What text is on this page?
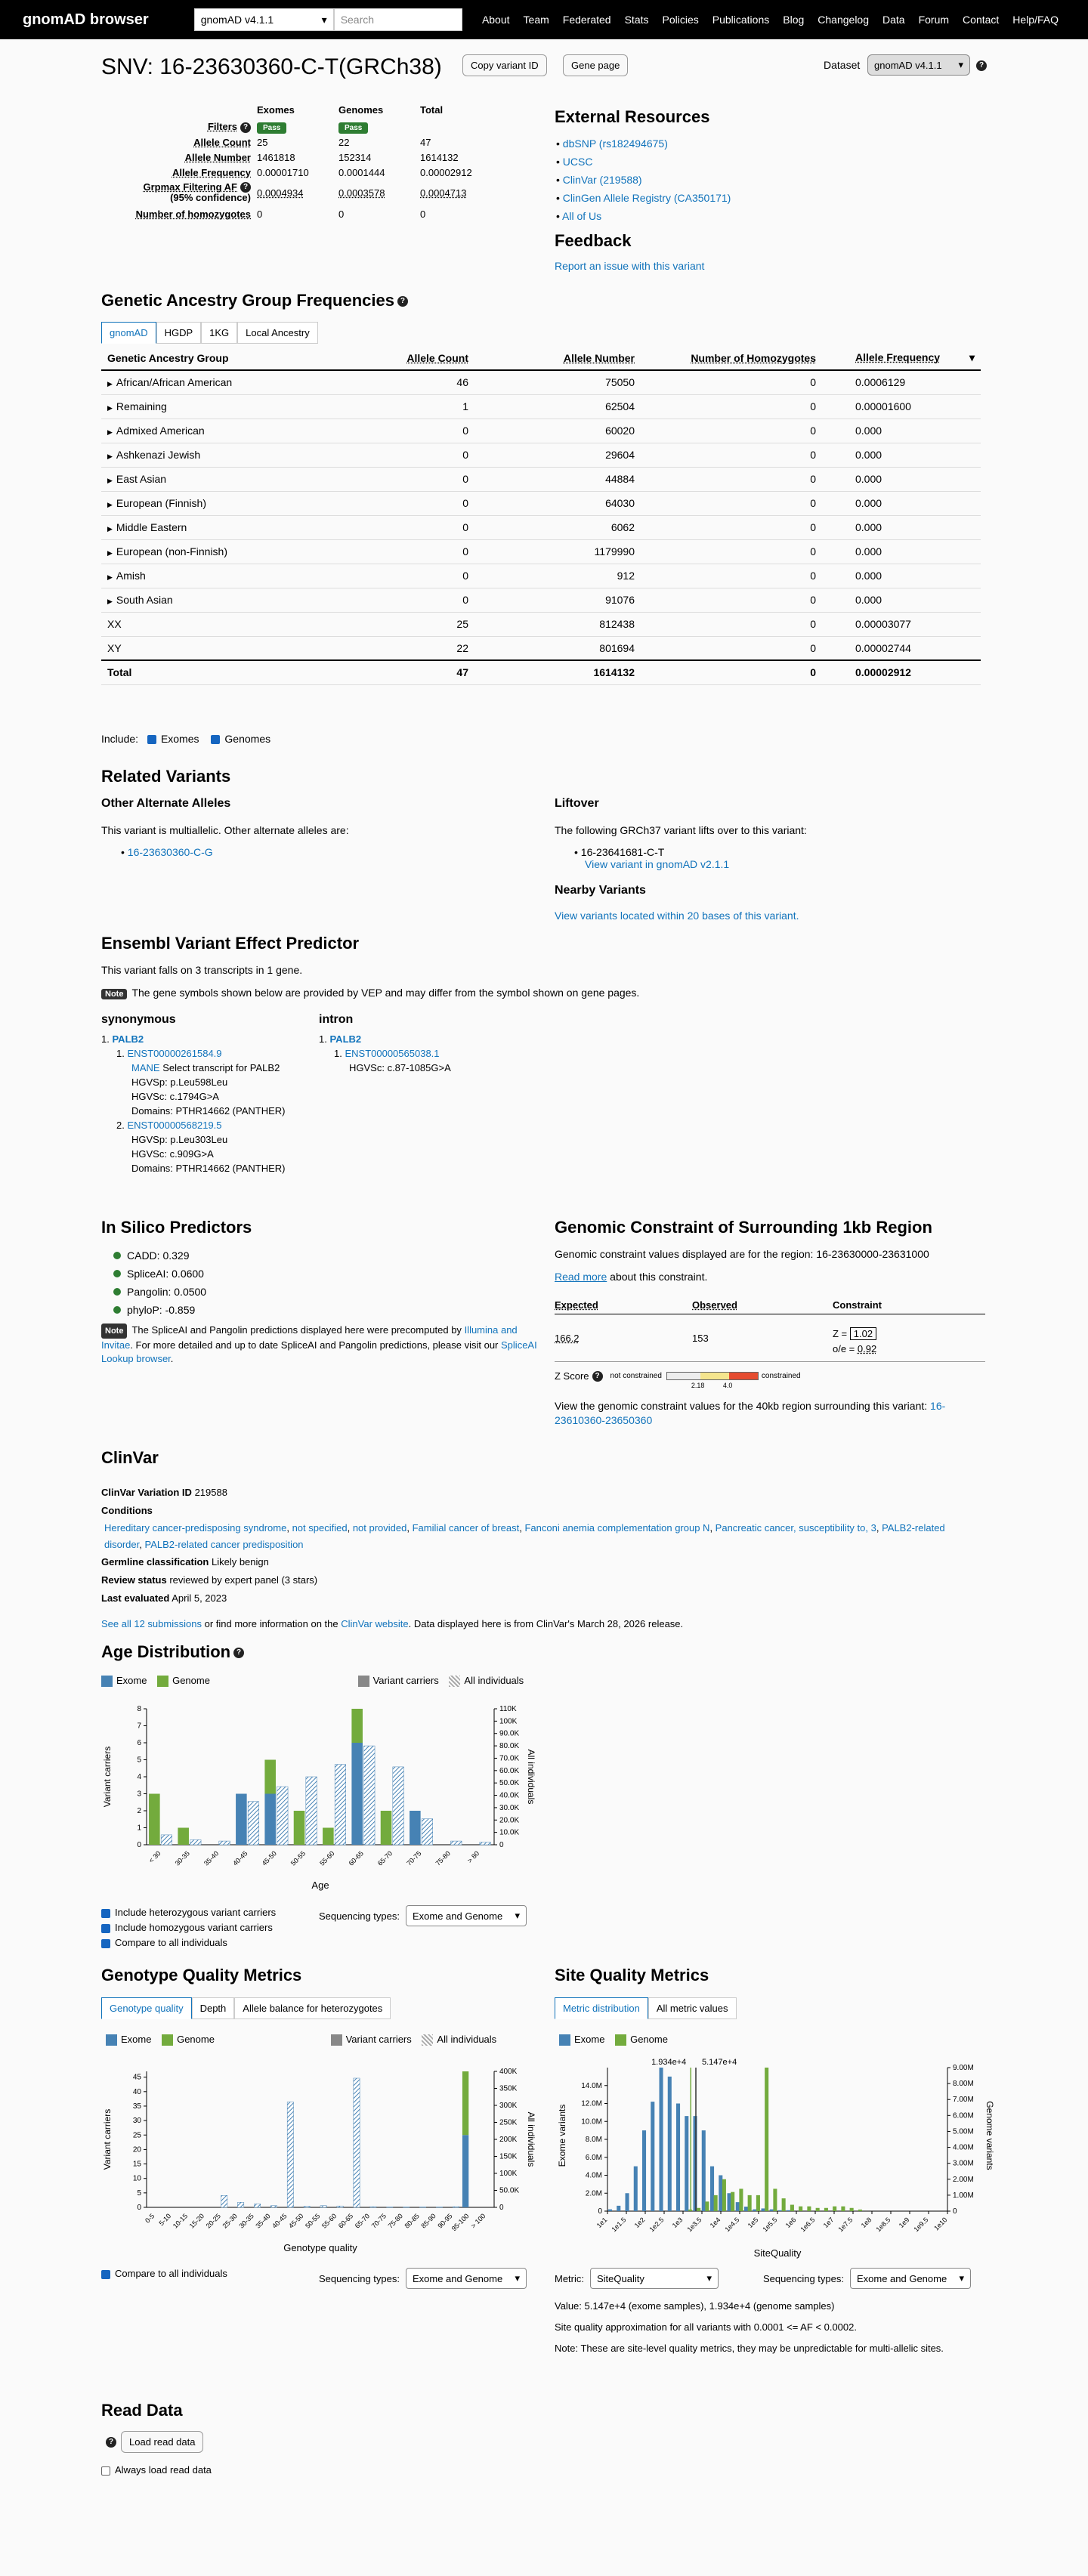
gnomAD browser	gnomAD v4.1.1	▾	Search	About	Team	Federated	Stats	Policies	Publications	Blog	Changelog	Data	Forum	Contact	Help/FAQ
SNV: 16-23630360-C-T(GRCh38)	Copy variant ID	Gene page	Dataset gnomAD v4.1.1 ▾	?
Exomes	Genomes	Total
Filters ?	Pass	Pass
Allele Count 25	22	47
Allele Number 1461818	152314	1614132
Allele Frequency 0.00001710	0.0001444	0.00002912
Grpmax Filtering AF ?
(95% confidence) 0.0004934	0.0003578	0.0004713
Number of homozygotes 0	0	0
External Resources
• dbSNP (rs182494675)
• UCSC
• ClinVar (219588)
• ClinGen Allele Registry (CA350171)
• All of Us
Feedback
Report an issue with this variant
Genetic Ancestry Group Frequencies ?
gnomAD	HGDP	1KG	Local Ancestry
Genetic Ancestry Group	Allele Count	Allele Number	Number of Homozygotes	Allele Frequency ▾

▶ African/African American	46	75050	0	0.0006129
▶ Remaining	1	62504	0	0.00001600
▶ Admixed American	0	60020	0	0.000
▶ Ashkenazi Jewish	0	29604	0	0.000
▶ East Asian	0	44884	0	0.000
▶ European (Finnish)	0	64030	0	0.000
▶ Middle Eastern	0	6062	0	0.000
▶ European (non-Finnish)	0	1179990	0	0.000
▶ Amish	0	912	0	0.000
▶ South Asian	0	91076	0	0.000
XX	25	812438	0	0.00003077
XY	22	801694	0	0.00002744
Total	47	1614132	0	0.00002912
Include: Exomes Genomes
Related Variants
Other Alternate Alleles
This variant is multiallelic. Other alternate alleles are:
• 16-23630360-C-G
Liftover
The following GRCh37 variant lifts over to this variant:
• 16-23641681-C-T
View variant in gnomAD v2.1.1
Nearby Variants
View variants located within 20 bases of this variant.
Ensembl Variant Effect Predictor
This variant falls on 3 transcripts in 1 gene.
Note The gene symbols shown below are provided by VEP and may differ from the symbol shown on gene pages.
synonymous
1. PALB2
1. ENST00000261584.9
MANE Select transcript for PALB2
HGVSp: p.Leu598Leu
HGVSc: c.1794G>A
Domains: PTHR14662 (PANTHER)
2. ENST00000568219.5
HGVSp: p.Leu303Leu
HGVSc: c.909G>A
Domains: PTHR14662 (PANTHER)
intron
1. PALB2
1. ENST00000565038.1
HGVSc: c.87-1085G>A
In Silico Predictors
CADD: 0.329
SpliceAI: 0.0600
Pangolin: 0.0500
phyloP: -0.859
Note The SpliceAI and Pangolin predictions displayed here were precomputed by Illumina and Invitae. For more detailed and up to date SpliceAI and Pangolin predictions, please visit our SpliceAI Lookup browser.
Genomic Constraint of Surrounding 1kb Region
Genomic constraint values displayed are for the region: 16-23630000-23631000
Read more about this constraint.
Expected	Observed	Constraint
166.2	153	Z = 1.02
o/e = 0.92
Z Score ?	not constrained
2.18	4.0
constrained
View the genomic constraint values for the 40kb region surrounding this variant: 16-23610360-23650360
ClinVar
ClinVar Variation ID 219588
Conditions
Hereditary cancer-predisposing syndrome, not specified, not provided, Familial cancer of breast, Fanconi anemia complementation group N, Pancreatic cancer, susceptibility to, 3, PALB2-related disorder, PALB2-related cancer predisposition
Germline classification Likely benign
Review status reviewed by expert panel (3 stars)
Last evaluated April 5, 2023
See all 12 submissions or find more information on the ClinVar website. Data displayed here is from ClinVar's March 28, 2026 release.
Age Distribution ?
Exome	Genome	Variant carriers	All individuals
Variant carriers	All individuals
0
1
2
3
4
5
6
7
8
0
10.0K
20.0K
30.0K
40.0K
50.0K
60.0K
70.0K
80.0K
90.0K
100K
110K
< 30 30-35 35-40 40-45 45-50 50-55 55-60 60-65 65-70 70-75 75-80 > 80
Age
Include heterozygous variant carriers
Include homozygous variant carriers
Compare to all individuals
Sequencing types: Exome and Genome ▾
Genotype Quality Metrics
Genotype quality	Depth	Allele balance for heterozygotes
Exome	Genome	Variant carriers	All individuals
Variant carriers	All individuals
0
5
10
15
20
25
30
35
40
45
0
50.0K
100K
150K
200K
250K
300K
350K
400K
0-5 5-10
10-15
15-20
20-25
25-30
30-35
35-40
40-45
45-50
50-55
55-60
60-65
65-70
70-75
75-80
80-85
85-90
90-95
95-100
> 100
Genotype quality
Compare to all individuals	Sequencing types: Exome and Genome ▾
Site Quality Metrics
Metric distribution	All metric values
Exome	Genome
Exome variants	Genome variants
0
2.0M
4.0M
6.0M
8.0M
10.0M
12.0M
14.0M
0
1.00M
2.00M
3.00M
4.00M
5.00M
6.00M
7.00M
8.00M
9.00M
1e1 1e1.5 1e2 1e2.5 1e3 1e3.5 1e4 1e4.5 1e5 1e5.5 1e6 1e6.5 1e7 1e7.5 1e8 1e8.5 1e9 1e9.5 1e10
1.934e+4 5.147e+4
SiteQuality
Metric: SiteQuality	▾	Sequencing types: Exome and Genome ▾
Value: 5.147e+4 (exome samples), 1.934e+4 (genome samples)
Site quality approximation for all variants with 0.0001 <= AF < 0.0002.
Note: These are site-level quality metrics, they may be unpredictable for multi-allelic sites.
Read Data
?	Load read data
Always load read data
